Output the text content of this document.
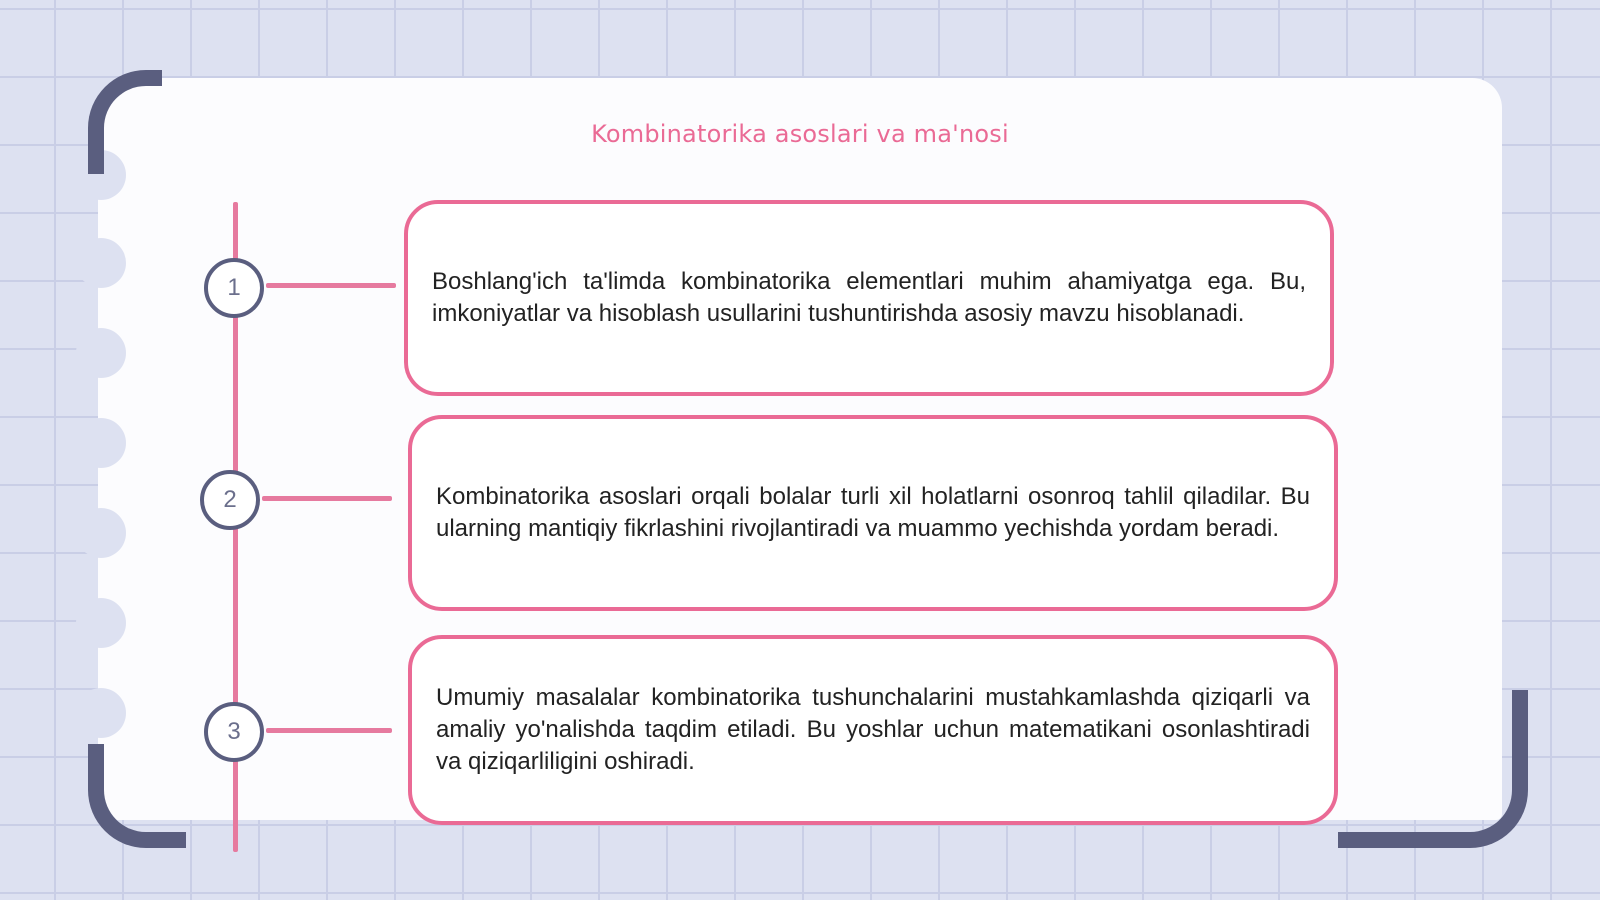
Kombinatorika asoslari va ma'nosi
1	Boshlang'ich ta'limda kombinatorika elementlari muhim ahamiyatga ega. Bu, imkoniyatlar va hisoblash usullarini tushuntirishda asosiy mavzu hisoblanadi.
2	Kombinatorika asoslari orqali bolalar turli xil holatlarni osonroq tahlil qiladilar. Bu ularning mantiqiy fikrlashini rivojlantiradi va muammo yechishda yordam beradi.
3
Umumiy masalalar kombinatorika tushunchalarini mustahkamlashda qiziqarli va amaliy yo'nalishda taqdim etiladi. Bu yoshlar uchun matematikani osonlashtiradi va qiziqarliligini oshiradi.
